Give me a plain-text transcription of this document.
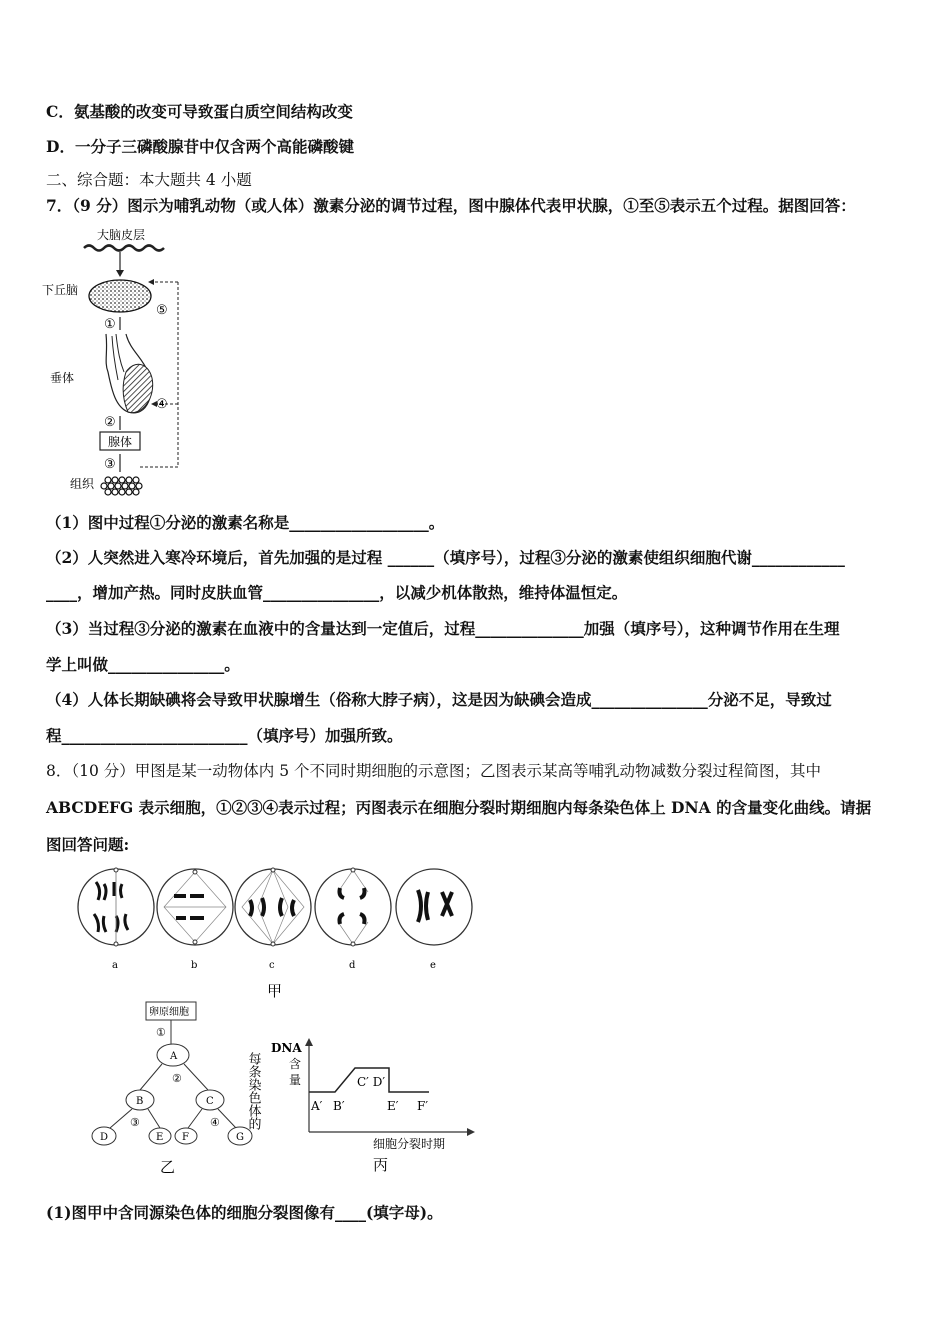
C．氨基酸的改变可导致蛋白质空间结构改变
D．一分子三磷酸腺苷中仅含两个高能磷酸键
二、综合题：本大题共 4 小题
7．（9 分）图示为哺乳动物（或人体）激素分泌的调节过程，图中腺体代表甲状腺，①至⑤表示五个过程。据图回答：
大脑皮层
下丘脑
⑤
①
垂体
④
②
腺体
③
组织
（1）图中过程①分泌的激素名称是__________________。
（2）人突然进入寒冷环境后，首先加强的是过程 ______（填序号），过程③分泌的激素使组织细胞代谢____________
____，增加产热。同时皮肤血管_______________，以减少机体散热，维持体温恒定。
（3）当过程③分泌的激素在血液中的含量达到一定值后，过程______________加强（填序号），这种调节作用在生理
学上叫做_______________。
（4）人体长期缺碘将会导致甲状腺增生（俗称大脖子病），这是因为缺碘会造成_______________分泌不足，导致过
程________________________（填序号）加强所致。
8．（10 分）甲图是某一动物体内 5 个不同时期细胞的示意图；乙图表示某高等哺乳动物减数分裂过程简图，其中
ABCDEFG 表示细胞，①②③④表示过程；丙图表示在细胞分裂时期细胞内每条染色体上 DNA 的含量变化曲线。请据
图回答问题:
a	b	c	d	e
甲
卵原细胞
①
A
②
B	C
③	④
D	E F	G
乙
每条染色体的
DNA
含
量
A′ B′
C′ D′
E′ F′
细胞分裂时期
丙
(1)图甲中含同源染色体的细胞分裂图像有____(填字母)。
